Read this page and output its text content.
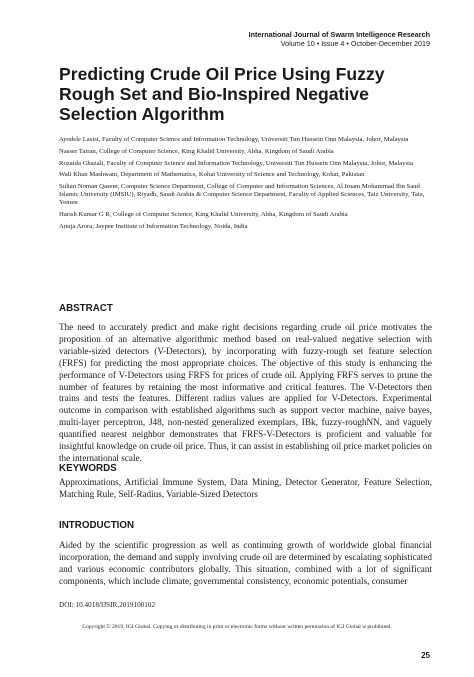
International Journal of Swarm Intelligence Research
Volume 10 • Issue 4 • October-December 2019
Predicting Crude Oil Price Using Fuzzy Rough Set and Bio-Inspired Negative Selection Algorithm
Ayodele Lasisi, Faculty of Computer Science and Information Technology, Universiti Tun Hussein Onn Malaysia, Johor, Malaysia
Nasser Tairan, College of Computer Science, King Khalid University, Abha, Kingdom of Saudi Arabia
Rozaida Ghazali, Faculty of Computer Science and Information Technology, Universiti Tun Hussein Onn Malaysia, Johor, Malaysia
Wali Khan Mashwani, Department of Mathematics, Kohat University of Science and Technology, Kohat, Pakistan
Sultan Noman Qasem, Computer Science Department, College of Computer and Information Sciences, Al Imam Mohammad Ibn Saud Islamic University (IMSIU), Riyadh, Saudi Arabia & Computer Science Department, Faculty of Applied Sciences, Taiz University, Taiz, Yemen
Harish Kumar G R, College of Computer Science, King Khalid University, Abha, Kingdom of Saudi Arabia
Anuja Arora, Jaypee Institute of Information Technology, Noida, India
ABSTRACT
The need to accurately predict and make right decisions regarding crude oil price motivates the proposition of an alternative algorithmic method based on real-valued negative selection with variable-sized detectors (V-Detectors), by incorporating with fuzzy-rough set feature selection (FRFS) for predicting the most appropriate choices. The objective of this study is enhancing the performance of V-Detectors using FRFS for prices of crude oil. Applying FRFS serves to prune the number of features by retaining the most informative and critical features. The V-Detectors then trains and tests the features. Different radius values are applied for V-Detectors. Experimental outcome in comparison with established algorithms such as support vector machine, naïve bayes, multi-layer perceptron, J48, non-nested generalized exemplars, IBk, fuzzy-roughNN, and vaguely quantified nearest neighbor demonstrates that FRFS-V-Detectors is proficient and valuable for insightful knowledge on crude oil price. Thus, it can assist in establishing oil price market policies on the international scale.
KEYWORDS
Approximations, Artificial Immune System, Data Mining, Detector Generator, Feature Selection, Matching Rule, Self-Radius, Variable-Sized Detectors
INTRODUCTION
Aided by the scientific progression as well as continuing growth of worldwide global financial incorporation, the demand and supply involving crude oil are determined by escalating sophisticated and various economic contributors globally. This situation, combined with a lot of significant components, which include climate, governmental consistency, economic potentials, consumer
DOI: 10.4018/IJSIR.2019100102
Copyright © 2019, IGI Global. Copying or distributing in print or electronic forms without written permission of IGI Global is prohibited.
25
